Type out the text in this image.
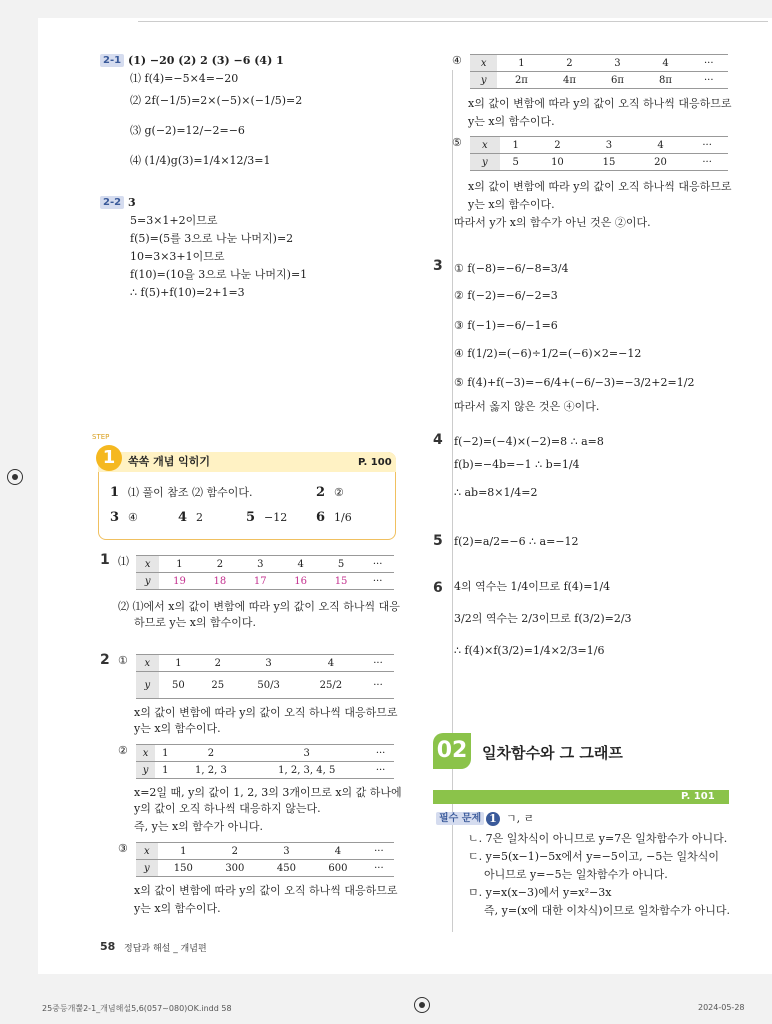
2-1 (1) −20 (2) 2 (3) −6 (4) 1
⑴ f(4)=−5×4=−20
⑵ 2f(−1/5)=2×(−5)×(−1/5)=2
⑶ g(−2)=12/−2=−6
⑷ (1/4)g(3)=1/4×12/3=1
2-2 3
5=3×1+2이므로
f(5)=(5를 3으로 나눈 나머지)=2
10=3×3+1이므로
f(10)=(10을 3으로 나눈 나머지)=1
∴ f(5)+f(10)=2+1=3
STEP
1	쏙쏙 개념 익히기	P. 100
1 ⑴ 풀이 참조 ⑵ 함수이다.	2 ②
3 ④	4 2	5 −12 6 1/6
1 ⑴ x	1	2	3	4	5	···
y	19	18	17	16	15	···
⑵ ⑴에서 x의 값이 변함에 따라 y의 값이 오직 하나씩 대응
하므로 y는 x의 함수이다.
2 ① x	1	2	3	4	···
y	50	25	50/3	25/2	···
x의 값이 변함에 따라 y의 값이 오직 하나씩 대응하므로
y는 x의 함수이다.
② x	1	2	3	···
y	1	1, 2, 3	1, 2, 3, 4, 5	···
x=2일 때, y의 값이 1, 2, 3의 3개이므로 x의 값 하나에
y의 값이 오직 하나씩 대응하지 않는다.
즉, y는 x의 함수가 아니다.
③ x	1	2	3	4	···
y	150	300	450	600	···
x의 값이 변함에 따라 y의 값이 오직 하나씩 대응하므로
y는 x의 함수이다.
④ x	1	2	3	4	···
y	2π	4π	6π	8π	···
x의 값이 변함에 따라 y의 값이 오직 하나씩 대응하므로
y는 x의 함수이다.
⑤ x	1	2	3	4	···
y	5	10	15	20	···
x의 값이 변함에 따라 y의 값이 오직 하나씩 대응하므로
y는 x의 함수이다.
따라서 y가 x의 함수가 아닌 것은 ②이다.
3 ① f(−8)=−6/−8=3/4
② f(−2)=−6/−2=3
③ f(−1)=−6/−1=6
④ f(1/2)=(−6)÷1/2=(−6)×2=−12
⑤ f(4)+f(−3)=−6/4+(−6/−3)=−3/2+2=1/2
따라서 옳지 않은 것은 ④이다.
4 f(−2)=(−4)×(−2)=8 ∴ a=8
f(b)=−4b=−1 ∴ b=1/4
∴ ab=8×1/4=2
5 f(2)=a/2=−6 ∴ a=−12
6 4의 역수는 1/4이므로 f(4)=1/4
3/2의 역수는 2/3이므로 f(3/2)=2/3
∴ f(4)×f(3/2)=1/4×2/3=1/6
02 일차함수와 그 그래프
P. 101
필수 문제 1 ㄱ, ㄹ
ㄴ. 7은 일차식이 아니므로 y=7은 일차함수가 아니다.
ㄷ. y=5(x−1)−5x에서 y=−5이고, −5는 일차식이
아니므로 y=−5는 일차함수가 아니다.
ㅁ. y=x(x−3)에서 y=x²−3x
즉, y=(x에 대한 이차식)이므로 일차함수가 아니다.
58 정답과 해설 _ 개념편
25중등개뿔2-1_개념해설5,6(057~080)OK.indd 58	2024-05-28
